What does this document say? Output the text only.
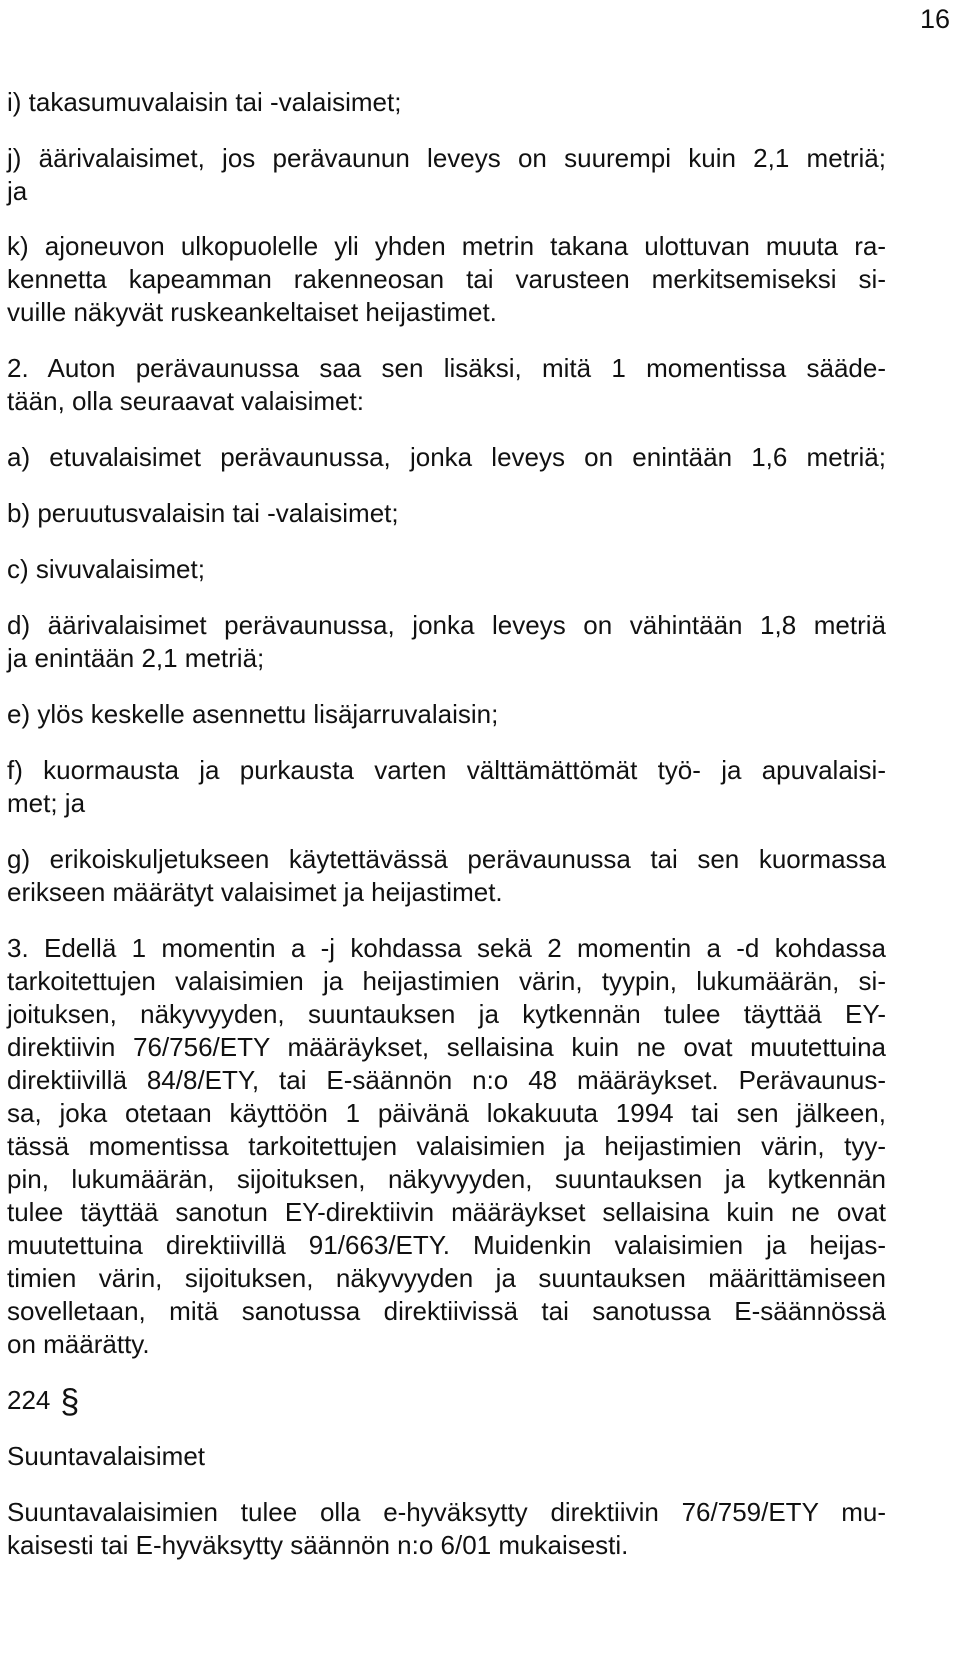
16

i) takasumuvalaisin tai -valaisimet;

j) äärivalaisimet, jos perävaunun leveys on suurempi kuin 2,1 metriä;

ja

k) ajoneuvon ulkopuolelle yli yhden metrin takana ulottuvan muuta ra-

kennetta kapeamman rakenneosan tai varusteen merkitsemiseksi si-

vuille näkyvät ruskeankeltaiset heijastimet.

2. Auton perävaunussa saa sen lisäksi, mitä 1 momentissa sääde-

tään, olla seuraavat valaisimet:

a) etuvalaisimet perävaunussa, jonka leveys on enintään 1,6 metriä;

b) peruutusvalaisin tai -valaisimet;

c) sivuvalaisimet;

d) äärivalaisimet perävaunussa, jonka leveys on vähintään 1,8 metriä

ja enintään 2,1 metriä;

e) ylös keskelle asennettu lisäjarruvalaisin;

f) kuormausta ja purkausta varten välttämättömät työ- ja apuvalaisi-

met; ja

g) erikoiskuljetukseen käytettävässä perävaunussa tai sen kuormassa

erikseen määrätyt valaisimet ja heijastimet.

3. Edellä 1 momentin a -j kohdassa sekä 2 momentin a -d kohdassa

tarkoitettujen valaisimien ja heijastimien värin, tyypin, lukumäärän, si-

joituksen, näkyvyyden, suuntauksen ja kytkennän tulee täyttää EY-

direktiivin 76/756/ETY määräykset, sellaisina kuin ne ovat muutettuina

direktiivillä 84/8/ETY, tai E-säännön n:o 48 määräykset. Perävaunus-

sa, joka otetaan käyttöön 1 päivänä lokakuuta 1994 tai sen jälkeen,

tässä momentissa tarkoitettujen valaisimien ja heijastimien värin, tyy-

pin, lukumäärän, sijoituksen, näkyvyyden, suuntauksen ja kytkennän

tulee täyttää sanotun EY-direktiivin määräykset sellaisina kuin ne ovat

muutettuina direktiivillä 91/663/ETY. Muidenkin valaisimien ja heijas-

timien värin, sijoituksen, näkyvyyden ja suuntauksen määrittämiseen

sovelletaan, mitä sanotussa direktiivissä tai sanotussa E-säännössä

on määrätty.

224 §

Suuntavalaisimet

Suuntavalaisimien tulee olla e-hyväksytty direktiivin 76/759/ETY mu-

kaisesti tai E-hyväksytty säännön n:o 6/01 mukaisesti.
